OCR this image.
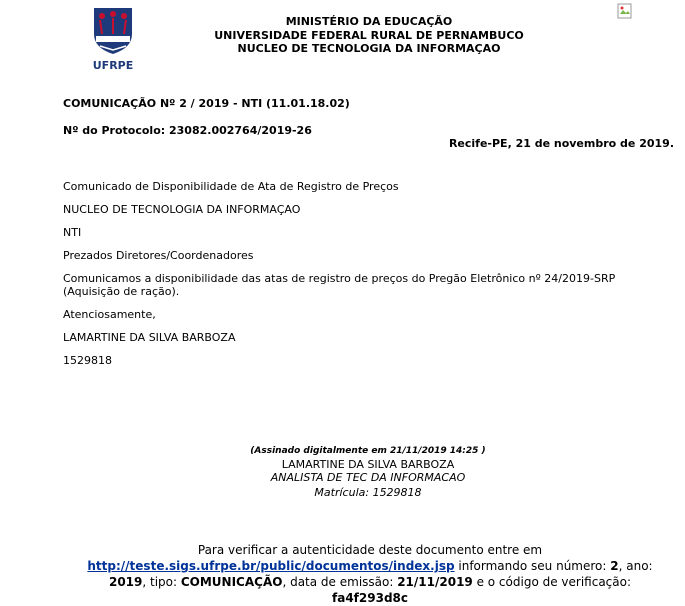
UFRPE
MINISTÉRIO DA EDUCAÇÃO
UNIVERSIDADE FEDERAL RURAL DE PERNAMBUCO
NUCLEO DE TECNOLOGIA DA INFORMAÇAO
COMUNICAÇÃO Nº 2 / 2019 - NTI (11.01.18.02)
Nº do Protocolo: 23082.002764/2019-26
Recife-PE, 21 de novembro de 2019.
Comunicado de Disponibilidade de Ata de Registro de Preços
NUCLEO DE TECNOLOGIA DA INFORMAÇAO
NTI
Prezados Diretores/Coordenadores
Comunicamos a disponibilidade das atas de registro de preços do Pregão Eletrônico nº 24/2019-SRP
(Aquisição de ração).
Atenciosamente,
LAMARTINE DA SILVA BARBOZA
1529818
(Assinado digitalmente em 21/11/2019 14:25 )
LAMARTINE DA SILVA BARBOZA
ANALISTA DE TEC DA INFORMACAO
Matrícula: 1529818
Para verificar a autenticidade deste documento entre em
http://teste.sigs.ufrpe.br/public/documentos/index.jsp informando seu número: 2, ano:
2019, tipo: COMUNICAÇÃO, data de emissão: 21/11/2019 e o código de verificação:
fa4f293d8c
